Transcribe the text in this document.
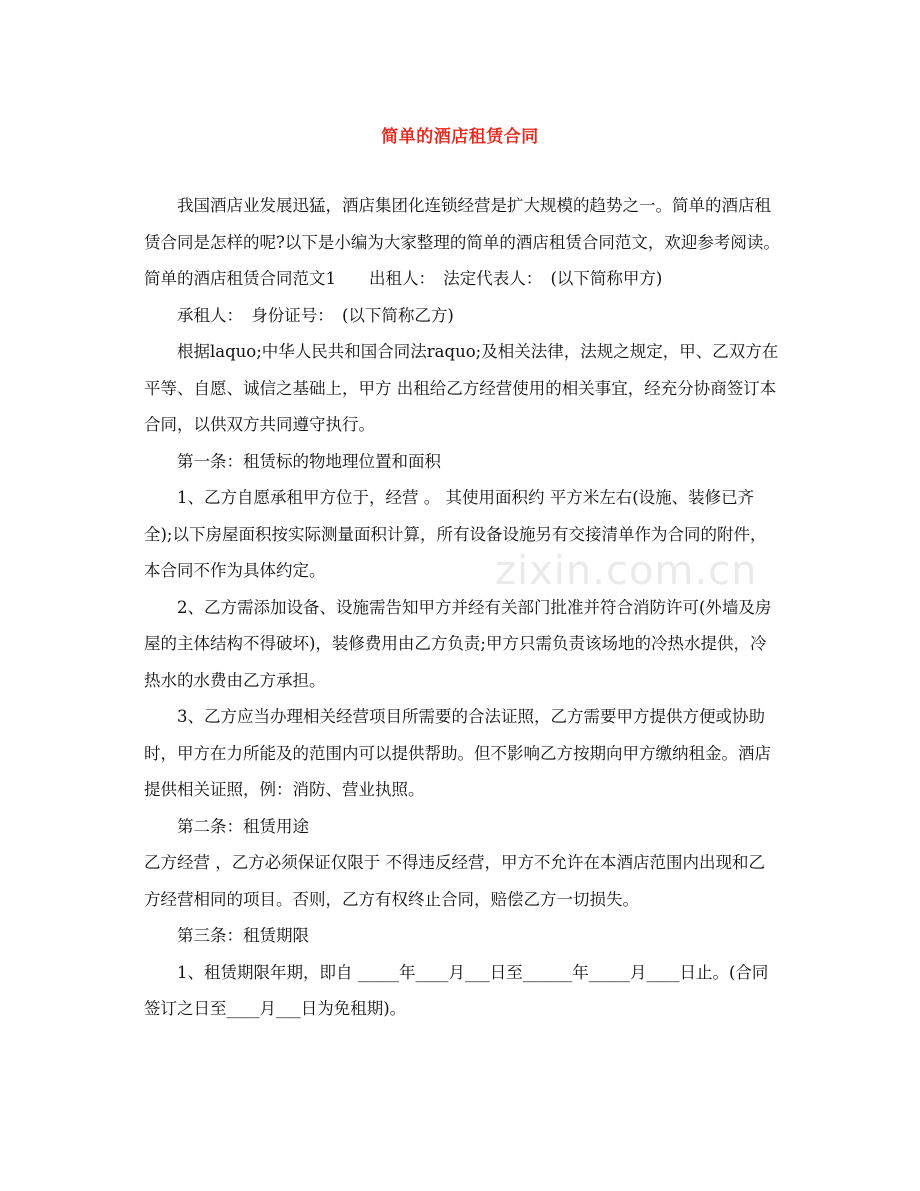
简单的酒店租赁合同

我国酒店业发展迅猛，酒店集团化连锁经营是扩大规模的趋势之一。简单的酒店租赁合同是怎样的呢?以下是小编为大家整理的简单的酒店租赁合同范文，欢迎参考阅读。

简单的酒店租赁合同范文1　　出租人：　法定代表人：　(以下简称甲方)

承租人：　身份证号：　(以下简称乙方)

根据laquo;中华人民共和国合同法raquo;及相关法律，法规之规定，甲、乙双方在平等、自愿、诚信之基础上，甲方 出租给乙方经营使用的相关事宜，经充分协商签订本合同，以供双方共同遵守执行。

第一条：租赁标的物地理位置和面积

1、乙方自愿承租甲方位于，经营 。 其使用面积约 平方米左右(设施、装修已齐全);以下房屋面积按实际测量面积计算，所有设备设施另有交接清单作为合同的附件，本合同不作为具体约定。

2、乙方需添加设备、设施需告知甲方并经有关部门批准并符合消防许可(外墙及房屋的主体结构不得破坏)，装修费用由乙方负责;甲方只需负责该场地的冷热水提供，冷热水的水费由乙方承担。

3、乙方应当办理相关经营项目所需要的合法证照，乙方需要甲方提供方便或协助时，甲方在力所能及的范围内可以提供帮助。但不影响乙方按期向甲方缴纳租金。酒店提供相关证照，例：消防、营业执照。

第二条：租赁用途

乙方经营 ，乙方必须保证仅限于 不得违反经营，甲方不允许在本酒店范围内出现和乙方经营相同的项目。否则，乙方有权终止合同，赔偿乙方一切损失。

第三条：租赁期限

1、租赁期限年期，即自 _____年____月___日至______年_____月____日止。(合同签订之日至____月___日为免租期)。

zixin.com.cn
